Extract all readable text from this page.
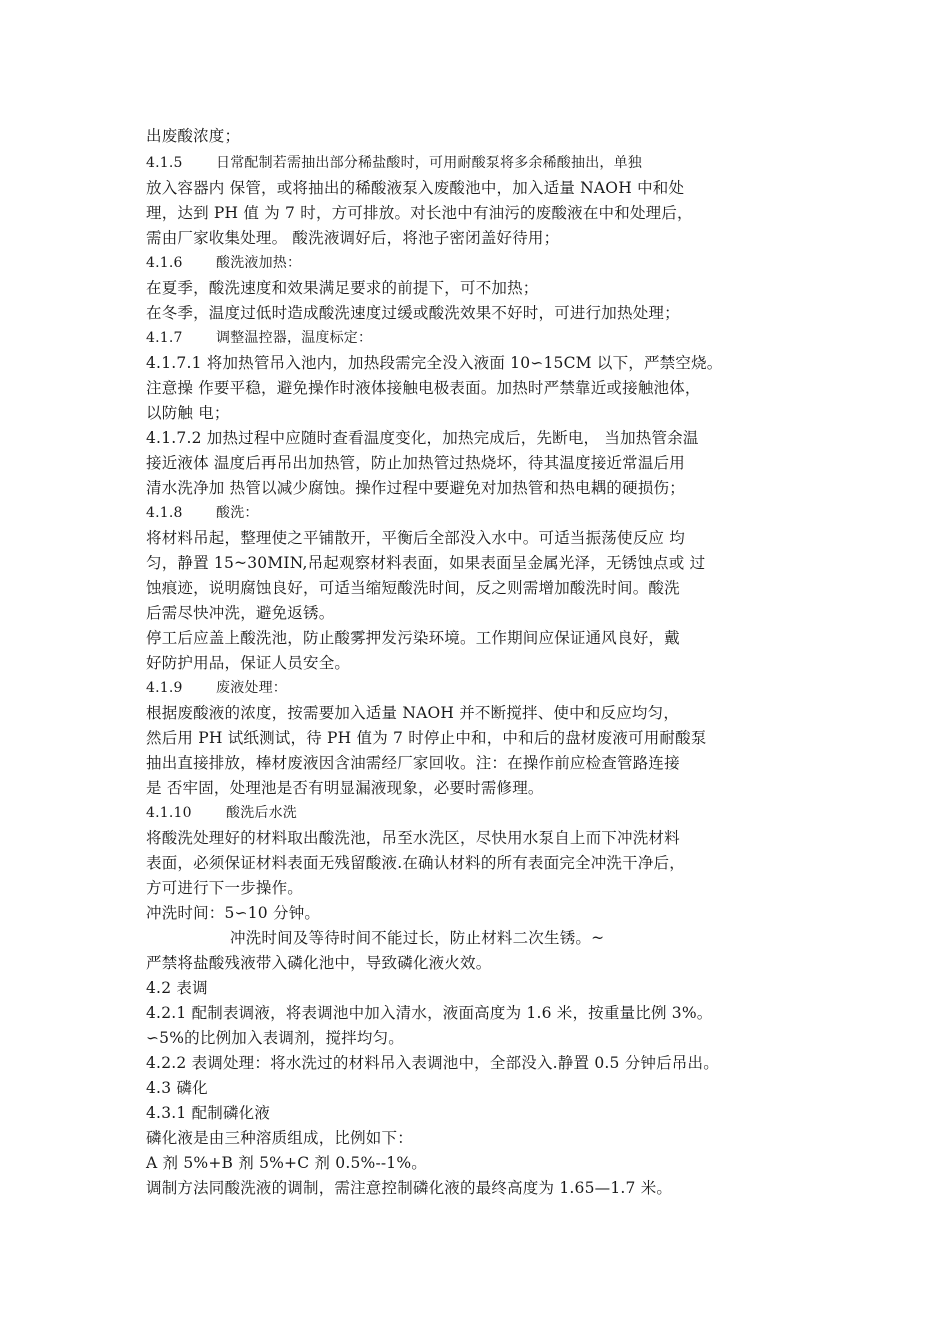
出废酸浓度；

4.1.5 日常配制若需抽出部分稀盐酸时，可用耐酸泵将多余稀酸抽出，单独

放入容器内 保管，或将抽出的稀酸液泵入废酸池中，加入适量 NAOH 中和处

理，达到 PH 值 为 7 时，方可排放。对长池中有油污的废酸液在中和处理后，

需由厂家收集处理。 酸洗液调好后，将池子密闭盖好待用；

4.1.6 酸洗液加热：

在夏季，酸洗速度和效果满足要求的前提下，可不加热；

在冬季，温度过低时造成酸洗速度过缓或酸洗效果不好时，可进行加热处理；

4.1.7 调整温控器，温度标定：

4.1.7.1 将加热管吊入池内，加热段需完全没入液面 10∽15CM 以下，严禁空烧。

注意操 作要平稳，避免操作时液体接触电极表面。加热时严禁靠近或接触池体，

以防触 电；

4.1.7.2 加热过程中应随时查看温度变化，加热完成后，先断电， 当加热管余温

接近液体 温度后再吊出加热管，防止加热管过热烧坏，待其温度接近常温后用

清水洗净加 热管以减少腐蚀。操作过程中要避免对加热管和热电耦的硬损伤；

4.1.8 酸洗：

将材料吊起，整理使之平铺散开，平衡后全部没入水中。可适当振荡使反应 均

匀，静置 15~30MIN,吊起观察材料表面，如果表面呈金属光泽，无锈蚀点或 过

蚀痕迹，说明腐蚀良好，可适当缩短酸洗时间，反之则需增加酸洗时间。酸洗

后需尽快冲洗，避免返锈。

停工后应盖上酸洗池，防止酸雾押发污染环境。工作期间应保证通风良好，戴

好防护用品，保证人员安全。

4.1.9 废液处理：

根据废酸液的浓度，按需要加入适量 NAOH 并不断搅拌、使中和反应均匀，

然后用 PH 试纸测试，待 PH 值为 7 时停止中和，中和后的盘材废液可用耐酸泵

抽出直接排放，棒材废液因含油需经厂家回收。注：在操作前应检查管路连接

是 否牢固，处理池是否有明显漏液现象，必要时需修理。

4.1.10 酸洗后水洗

将酸洗处理好的材料取出酸洗池，吊至水洗区，尽快用水泵自上而下冲洗材料

表面，必须保证材料表面无残留酸液.在确认材料的所有表面完全冲洗干净后，

方可进行下一步操作。

冲洗时间：5∽10 分钟。

冲洗时间及等待时间不能过长，防止材料二次生锈。~

严禁将盐酸残液带入磷化池中，导致磷化液火效。

4.2 表调

4.2.1 配制表调液，将表调池中加入清水，液面高度为 1.6 米，按重量比例 3%。

∽5%的比例加入表调剂，搅拌均匀。

4.2.2 表调处理：将水洗过的材料吊入表调池中，全部没入.静置 0.5 分钟后吊出。

4.3 磷化

4.3.1 配制磷化液

磷化液是由三种溶质组成，比例如下：

A 剂 5%+B 剂 5%+C 剂 0.5%--1%。

调制方法同酸洗液的调制，需注意控制磷化液的最终高度为 1.65—1.7 米。
